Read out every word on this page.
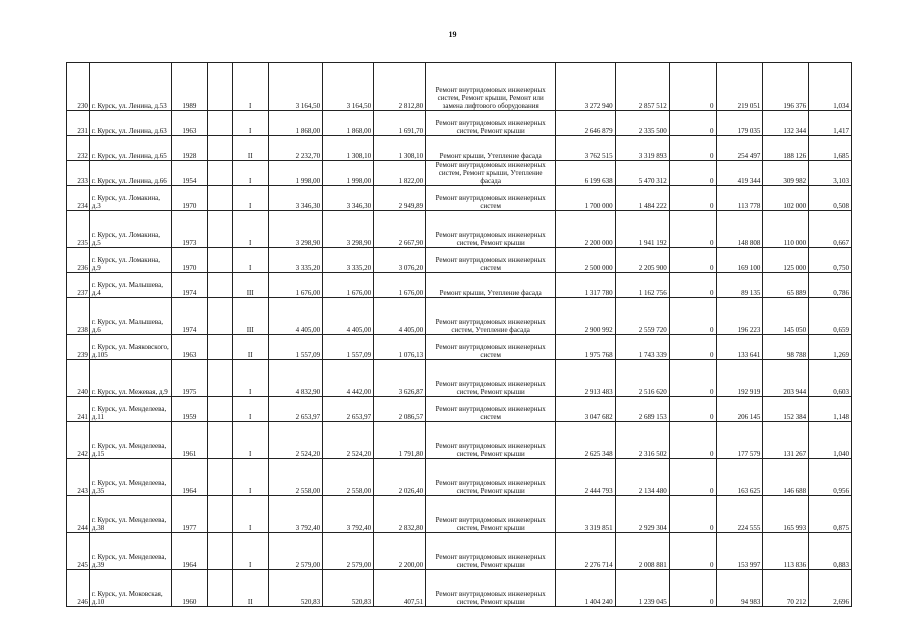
19
230	г. Курск, ул. Ленина, д.53	1989		I	3 164,50	3 164,50	2 812,80	Ремонт внутридомовых инженерных систем, Ремонт крыши, Ремонт или замена лифтового оборудования	3 272 940	2 857 512	0	219 051	196 376	1,034
231	г. Курск, ул. Ленина, д.63	1963		I	1 868,00	1 868,00	1 691,70	Ремонт внутридомовых инженерных систем, Ремонт крыши	2 646 879	2 335 500	0	179 035	132 344	1,417
232	г. Курск, ул. Ленина, д.65	1928		II	2 232,70	1 308,10	1 308,10	Ремонт крыши, Утепление фасада	3 762 515	3 319 893	0	254 497	188 126	1,685
233	г. Курск, ул. Ленина, д.66	1954		I	1 998,00	1 998,00	1 822,00	Ремонт внутридомовых инженерных систем, Ремонт крыши, Утепление фасада	6 199 638	5 470 312	0	419 344	309 982	3,103
234	г. Курск, ул. Ломакина, д.3	1970		I	3 346,30	3 346,30	2 949,89	Ремонт внутридомовых инженерных систем	1 700 000	1 484 222	0	113 778	102 000	0,508
235	г. Курск, ул. Ломакина, д.5	1973		I	3 298,90	3 298,90	2 667,90	Ремонт внутридомовых инженерных систем, Ремонт крыши	2 200 000	1 941 192	0	148 808	110 000	0,667
236	г. Курск, ул. Ломакина, д.9	1970		I	3 335,20	3 335,20	3 076,20	Ремонт внутридомовых инженерных систем	2 500 000	2 205 900	0	169 100	125 000	0,750
237	г. Курск, ул. Малышева, д.4	1974		III	1 676,00	1 676,00	1 676,00	Ремонт крыши, Утепление фасада	1 317 780	1 162 756	0	89 135	65 889	0,786
238	г. Курск, ул. Малышева, д.6	1974		III	4 405,00	4 405,00	4 405,00	Ремонт внутридомовых инженерных систем, Утепление фасада	2 900 992	2 559 720	0	196 223	145 050	0,659
239	г. Курск, ул. Маяковского, д.105	1963		II	1 557,09	1 557,09	1 076,13	Ремонт внутридомовых инженерных систем	1 975 768	1 743 339	0	133 641	98 788	1,269
240	г. Курск, ул. Межевая, д.9	1975		I	4 832,90	4 442,00	3 626,87	Ремонт внутридомовых инженерных систем, Ремонт крыши	2 913 483	2 516 620	0	192 919	203 944	0,603
241	г. Курск, ул. Менделеева, д.11	1959		I	2 653,97	2 653,97	2 086,57	Ремонт внутридомовых инженерных систем	3 047 682	2 689 153	0	206 145	152 384	1,148
242	г. Курск, ул. Менделеева, д.15	1961		I	2 524,20	2 524,20	1 791,80	Ремонт внутридомовых инженерных систем, Ремонт крыши	2 625 348	2 316 502	0	177 579	131 267	1,040
243	г. Курск, ул. Менделеева, д.35	1964		I	2 558,00	2 558,00	2 026,40	Ремонт внутридомовых инженерных систем, Ремонт крыши	2 444 793	2 134 480	0	163 625	146 688	0,956
244	г. Курск, ул. Менделеева, д.38	1977		I	3 792,40	3 792,40	2 832,80	Ремонт внутридомовых инженерных систем, Ремонт крыши	3 319 851	2 929 304	0	224 555	165 993	0,875
245	г. Курск, ул. Менделеева, д.39	1964		I	2 579,00	2 579,00	2 200,00	Ремонт внутридомовых инженерных систем, Ремонт крыши	2 276 714	2 008 881	0	153 997	113 836	0,883
246	г. Курск, ул. Моковская, д.10	1960		II	520,83	520,83	407,51	Ремонт внутридомовых инженерных систем, Ремонт крыши	1 404 240	1 239 045	0	94 983	70 212	2,696
